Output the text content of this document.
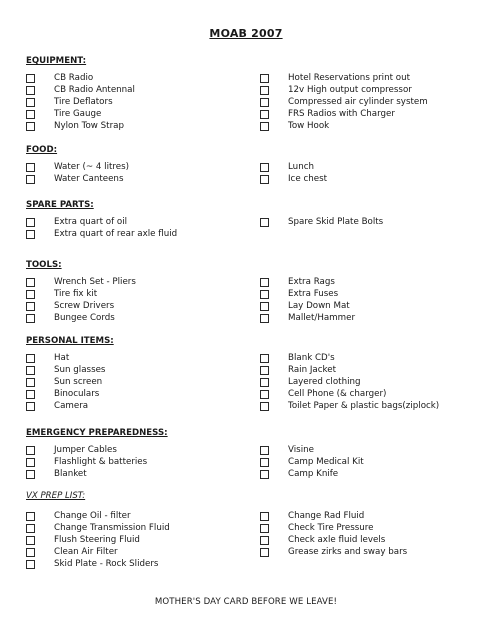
MOAB 2007
EQUIPMENT:
CB Radio
CB Radio Antennal
Tire Deflators
Tire Gauge
Nylon Tow Strap
Hotel Reservations print out
12v High output compressor
Compressed air cylinder system
FRS Radios with Charger
Tow Hook
FOOD:
Water (~ 4 litres)
Water Canteens
Lunch
Ice chest
SPARE PARTS:
Extra quart of oil
Extra quart of rear axle fluid
Spare Skid Plate Bolts
TOOLS:
Wrench Set - Pliers
Tire fix kit
Screw Drivers
Bungee Cords
Extra Rags
Extra Fuses
Lay Down Mat
Mallet/Hammer
PERSONAL ITEMS:
Hat
Sun glasses
Sun screen
Binoculars
Camera
Blank CD's
Rain Jacket
Layered clothing
Cell Phone (& charger)
Toilet Paper & plastic bags(ziplock)
EMERGENCY PREPAREDNESS:
Jumper Cables
Flashlight & batteries
Blanket
Visine
Camp Medical Kit
Camp Knife
VX PREP LIST:
Change Oil - filter
Change Transmission Fluid
Flush Steering Fluid
Clean Air Filter
Skid Plate - Rock Sliders
Change Rad Fluid
Check Tire Pressure
Check axle fluid levels
Grease zirks and sway bars
MOTHER'S DAY CARD BEFORE WE LEAVE!
